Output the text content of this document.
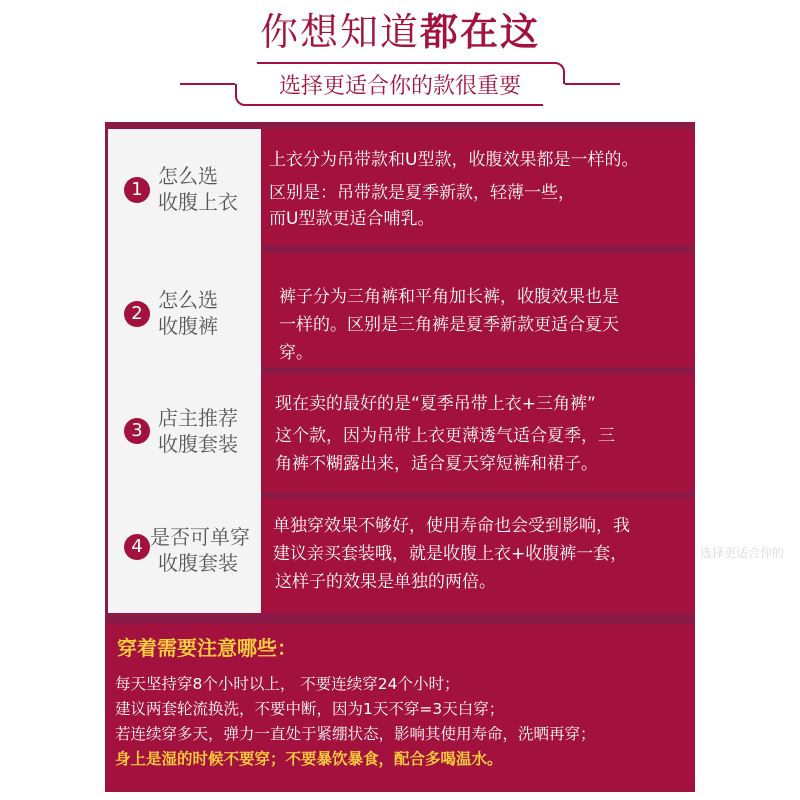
你想知道都在这
选择更适合你的款很重要
1
怎么选
收腹上衣
上衣分为吊带款和U型款，收腹效果都是一样的。
区别是：吊带款是夏季新款，轻薄一些，
而U型款更适合哺乳。
2
怎么选
收腹裤
裤子分为三角裤和平角加长裤，收腹效果也是
一样的。区别是三角裤是夏季新款更适合夏天
穿。
3
店主推荐
收腹套装
现在卖的最好的是“夏季吊带上衣+三角裤”
这个款，因为吊带上衣更薄透气适合夏季，三
角裤不糊露出来，适合夏天穿短裤和裙子。
4 是否可单穿
收腹套装
单独穿效果不够好，使用寿命也会受到影响，我
建议亲买套装哦，就是收腹上衣+收腹裤一套，
这样子的效果是单独的两倍。
选择更适合你的
穿着需要注意哪些：
每天坚持穿8个小时以上， 不要连续穿24个小时；
建议两套轮流换洗，不要中断，因为1天不穿=3天白穿；
若连续穿多天，弹力一直处于紧绷状态，影响其使用寿命，洗晒再穿；
身上是湿的时候不要穿；不要暴饮暴食，配合多喝温水。
